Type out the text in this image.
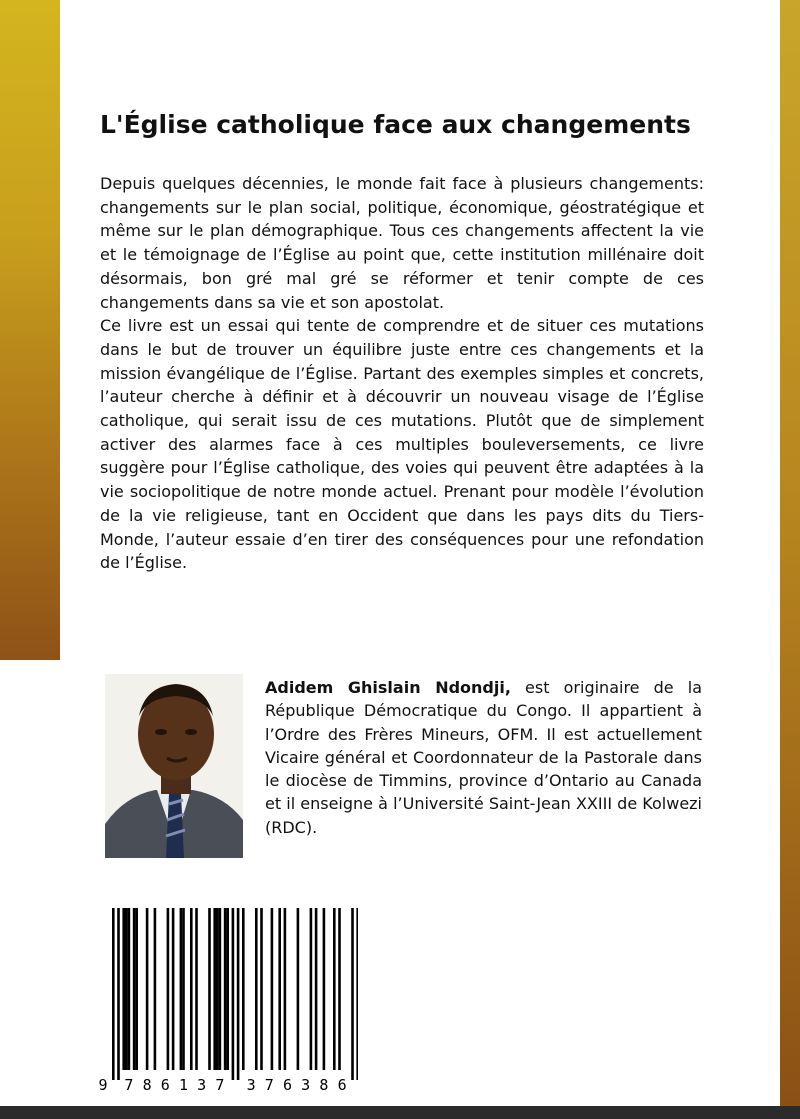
L'Église catholique face aux changements

Depuis quelques décennies, le monde fait face à plusieurs changements: changements sur le plan social, politique, économique, géostratégique et même sur le plan démographique. Tous ces changements affectent la vie et le témoignage de l’Église au point que, cette institution millénaire doit désormais, bon gré mal gré se réformer et tenir compte de ces changements dans sa vie et son apostolat.

Ce livre est un essai qui tente de comprendre et de situer ces mutations dans le but de trouver un équilibre juste entre ces changements et la mission évangélique de l’Église. Partant des exemples simples et concrets, l’auteur cherche à définir et à découvrir un nouveau visage de l’Église catholique, qui serait issu de ces mutations. Plutôt que de simplement activer des alarmes face à ces multiples bouleversements, ce livre suggère pour l’Église catholique, des voies qui peuvent être adaptées à la vie sociopolitique de notre monde actuel. Prenant pour modèle l’évolution de la vie religieuse, tant en Occident que dans les pays dits du Tiers-Monde, l’auteur essaie d’en tirer des conséquences pour une refondation de l’Église.

Adidem Ghislain Ndondji, est originaire de la République Démocratique du Congo. Il appartient à l’Ordre des Frères Mineurs, OFM. Il est actuellement Vicaire général et Coordonnateur de la Pastorale dans le diocèse de Timmins, province d’Ontario au Canada et il enseigne à l’Université Saint-Jean XXIII de Kolwezi (RDC).
9 7 8 6 1 3 7 3 7 6 3 8 6
